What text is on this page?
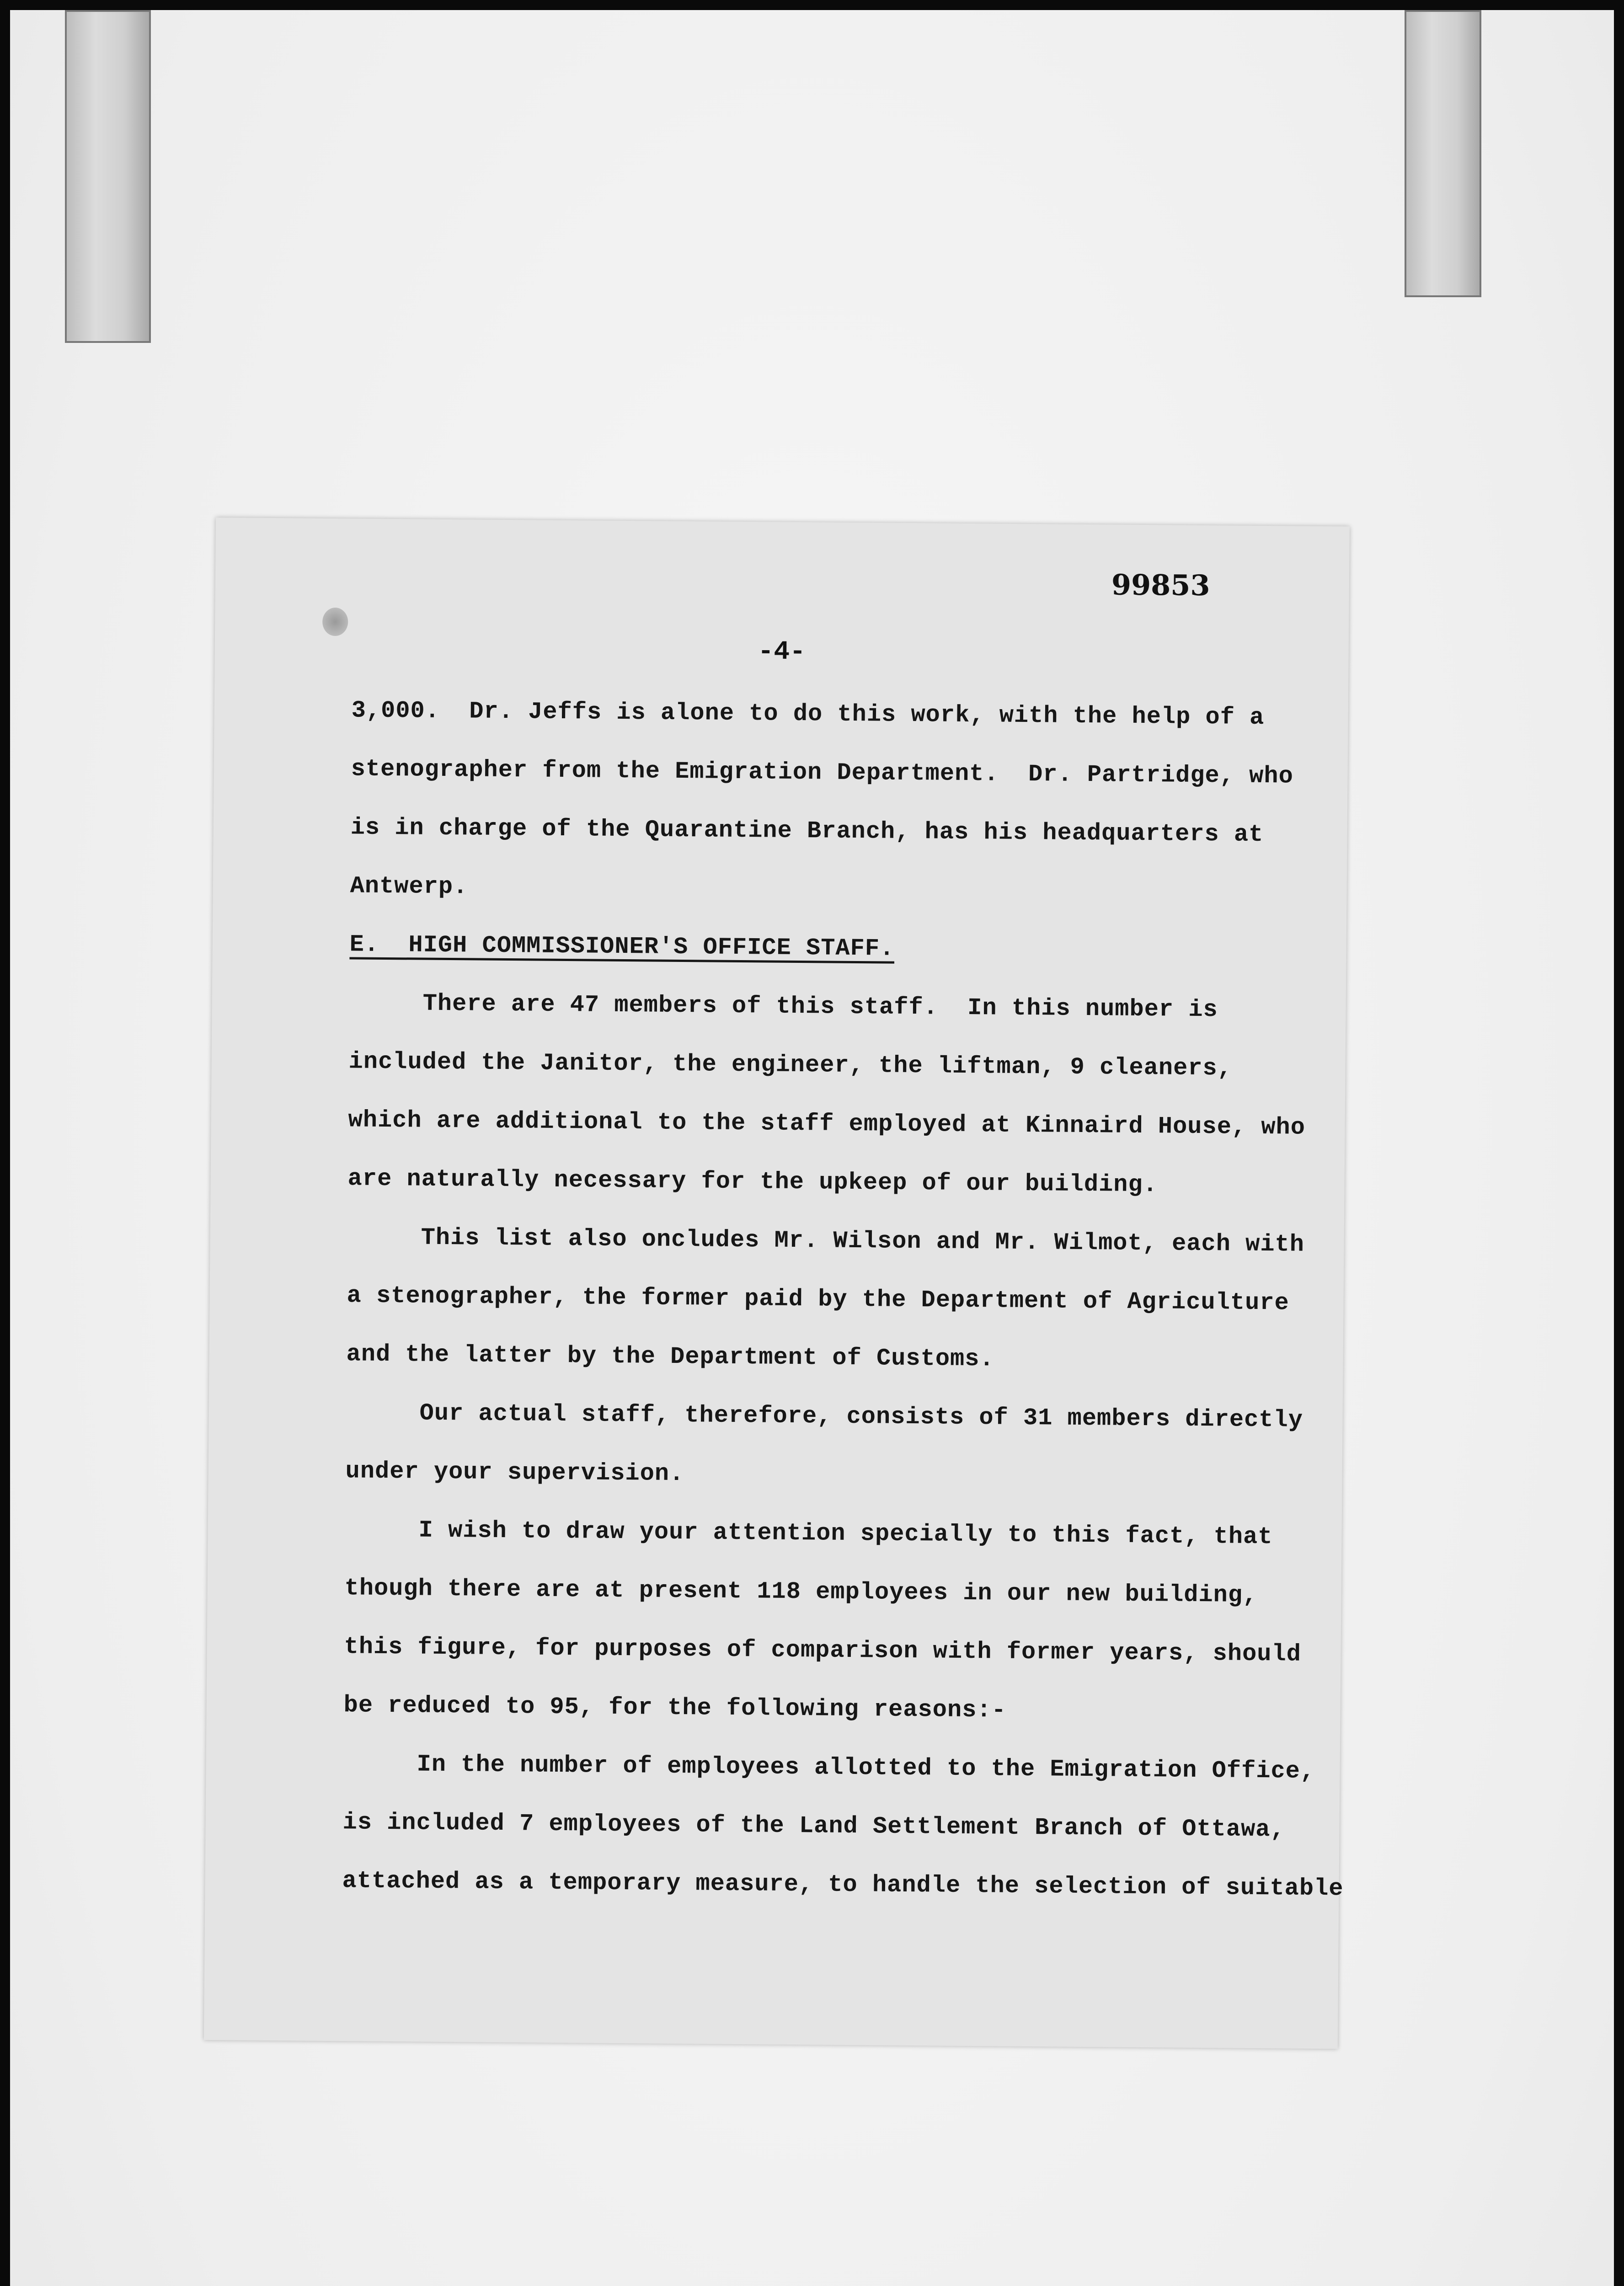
99853
-4-
3,000.  Dr. Jeffs is alone to do this work, with the help of a
stenographer from the Emigration Department.  Dr. Partridge, who
is in charge of the Quarantine Branch, has his headquarters at
Antwerp.
E.  HIGH COMMISSIONER'S OFFICE STAFF.
There are 47 members of this staff.  In this number is
included the Janitor, the engineer, the liftman, 9 cleaners,
which are additional to the staff employed at Kinnaird House, who
are naturally necessary for the upkeep of our building.
This list also oncludes Mr. Wilson and Mr. Wilmot, each with
a stenographer, the former paid by the Department of Agriculture
and the latter by the Department of Customs.
Our actual staff, therefore, consists of 31 members directly
under your supervision.
I wish to draw your attention specially to this fact, that
though there are at present 118 employees in our new building,
this figure, for purposes of comparison with former years, should
be reduced to 95, for the following reasons:-
In the number of employees allotted to the Emigration Office,
is included 7 employees of the Land Settlement Branch of Ottawa,
attached as a temporary measure, to handle the selection of suitable
